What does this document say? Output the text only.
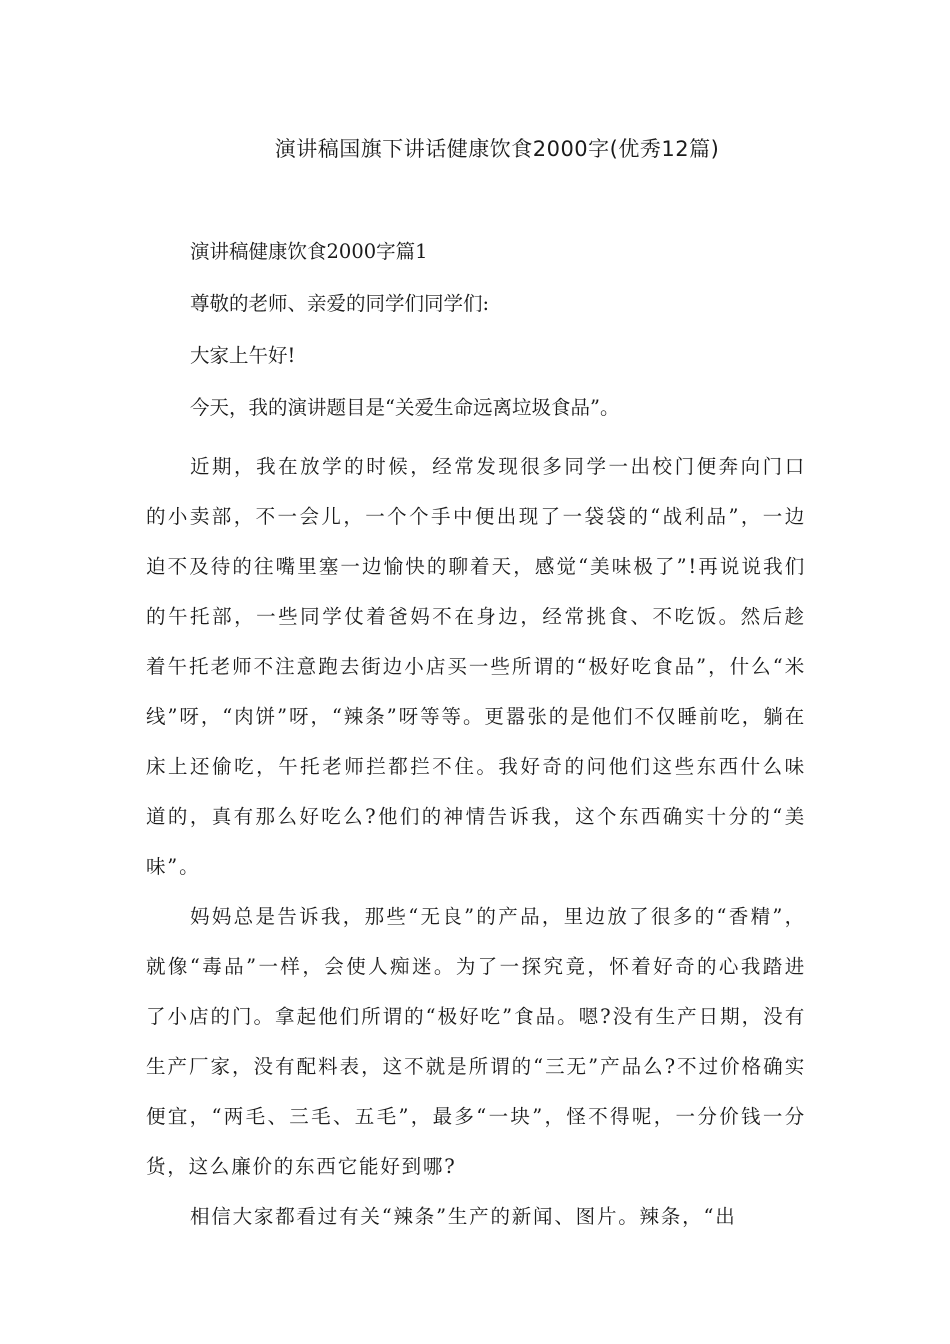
演讲稿国旗下讲话健康饮食2000字(优秀12篇)

演讲稿健康饮食2000字篇1

尊敬的老师、亲爱的同学们同学们:

大家上午好!

今天，我的演讲题目是“关爱生命远离垃圾食品”。

近期，我在放学的时候，经常发现很多同学一出校门便奔向门口的小卖部，不一会儿，一个个手中便出现了一袋袋的“战利品”，一边迫不及待的往嘴里塞一边愉快的聊着天，感觉“美味极了”!再说说我们的午托部，一些同学仗着爸妈不在身边，经常挑食、不吃饭。然后趁着午托老师不注意跑去街边小店买一些所谓的“极好吃食品”，什么“米线”呀，“肉饼”呀，“辣条”呀等等。更嚣张的是他们不仅睡前吃，躺在床上还偷吃，午托老师拦都拦不住。我好奇的问他们这些东西什么味道的，真有那么好吃么?他们的神情告诉我，这个东西确实十分的“美味”。

妈妈总是告诉我，那些“无良”的产品，里边放了很多的“香精”，就像“毒品”一样，会使人痴迷。为了一探究竟，怀着好奇的心我踏进了小店的门。拿起他们所谓的“极好吃”食品。嗯?没有生产日期，没有生产厂家，没有配料表，这不就是所谓的“三无”产品么?不过价格确实便宜，“两毛、三毛、五毛”，最多“一块”，怪不得呢，一分价钱一分货，这么廉价的东西它能好到哪?

相信大家都看过有关“辣条”生产的新闻、图片。辣条，“出
